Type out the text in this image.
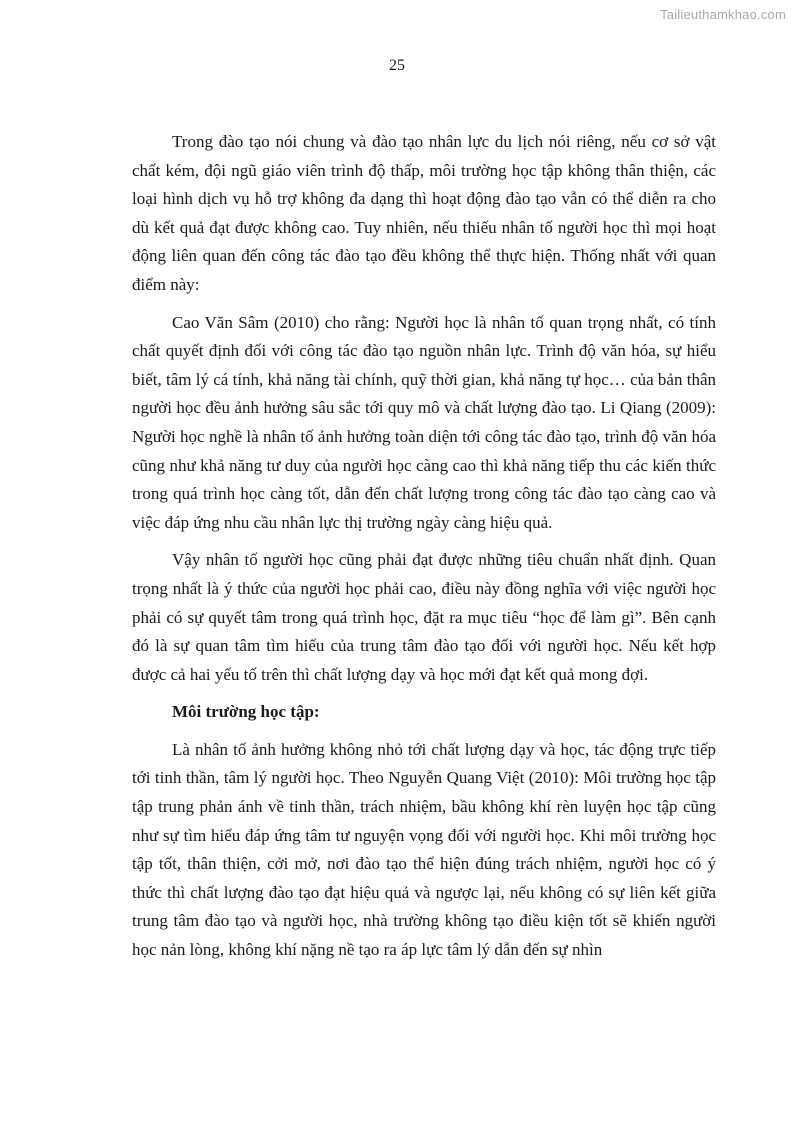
Tailieuthamkhao.com
25

Trong đào tạo nói chung và đào tạo nhân lực du lịch nói riêng, nếu cơ sở vật chất kém, đội ngũ giáo viên trình độ thấp, môi trường học tập không thân thiện, các loại hình dịch vụ hỗ trợ không đa dạng thì hoạt động đào tạo vẫn có thể diễn ra cho dù kết quả đạt được không cao. Tuy nhiên, nếu thiếu nhân tố người học thì mọi hoạt động liên quan đến công tác đào tạo đều không thể thực hiện. Thống nhất với quan điểm này:

Cao Văn Sâm (2010) cho rằng: Người học là nhân tố quan trọng nhất, có tính chất quyết định đối với công tác đào tạo nguồn nhân lực. Trình độ văn hóa, sự hiểu biết, tâm lý cá tính, khả năng tài chính, quỹ thời gian, khả năng tự học… của bản thân người học đều ảnh hưởng sâu sắc tới quy mô và chất lượng đào tạo. Li Qiang (2009): Người học nghề là nhân tố ảnh hưởng toàn diện tới công tác đào tạo, trình độ văn hóa cũng như khả năng tư duy của người học càng cao thì khả năng tiếp thu các kiến thức trong quá trình học càng tốt, dẫn đến chất lượng trong công tác đào tạo càng cao và việc đáp ứng nhu cầu nhân lực thị trường ngày càng hiệu quả.

Vậy nhân tố người học cũng phải đạt được những tiêu chuẩn nhất định. Quan trọng nhất là ý thức của người học phải cao, điều này đồng nghĩa với việc người học phải có sự quyết tâm trong quá trình học, đặt ra mục tiêu “học để làm gì”. Bên cạnh đó là sự quan tâm tìm hiểu của trung tâm đào tạo đối với người học. Nếu kết hợp được cả hai yếu tố trên thì chất lượng dạy và học mới đạt kết quả mong đợi.

Môi trường học tập:

Là nhân tố ảnh hưởng không nhỏ tới chất lượng dạy và học, tác động trực tiếp tới tinh thần, tâm lý người học. Theo Nguyễn Quang Việt (2010): Môi trường học tập tập trung phản ánh về tinh thần, trách nhiệm, bầu không khí rèn luyện học tập cũng như sự tìm hiểu đáp ứng tâm tư nguyện vọng đối với người học. Khi môi trường học tập tốt, thân thiện, cởi mở, nơi đào tạo thể hiện đúng trách nhiệm, người học có ý thức thì chất lượng đào tạo đạt hiệu quả và ngược lại, nếu không có sự liên kết giữa trung tâm đào tạo và người học, nhà trường không tạo điều kiện tốt sẽ khiến người học nản lòng, không khí nặng nề tạo ra áp lực tâm lý dẫn đến sự nhìn
